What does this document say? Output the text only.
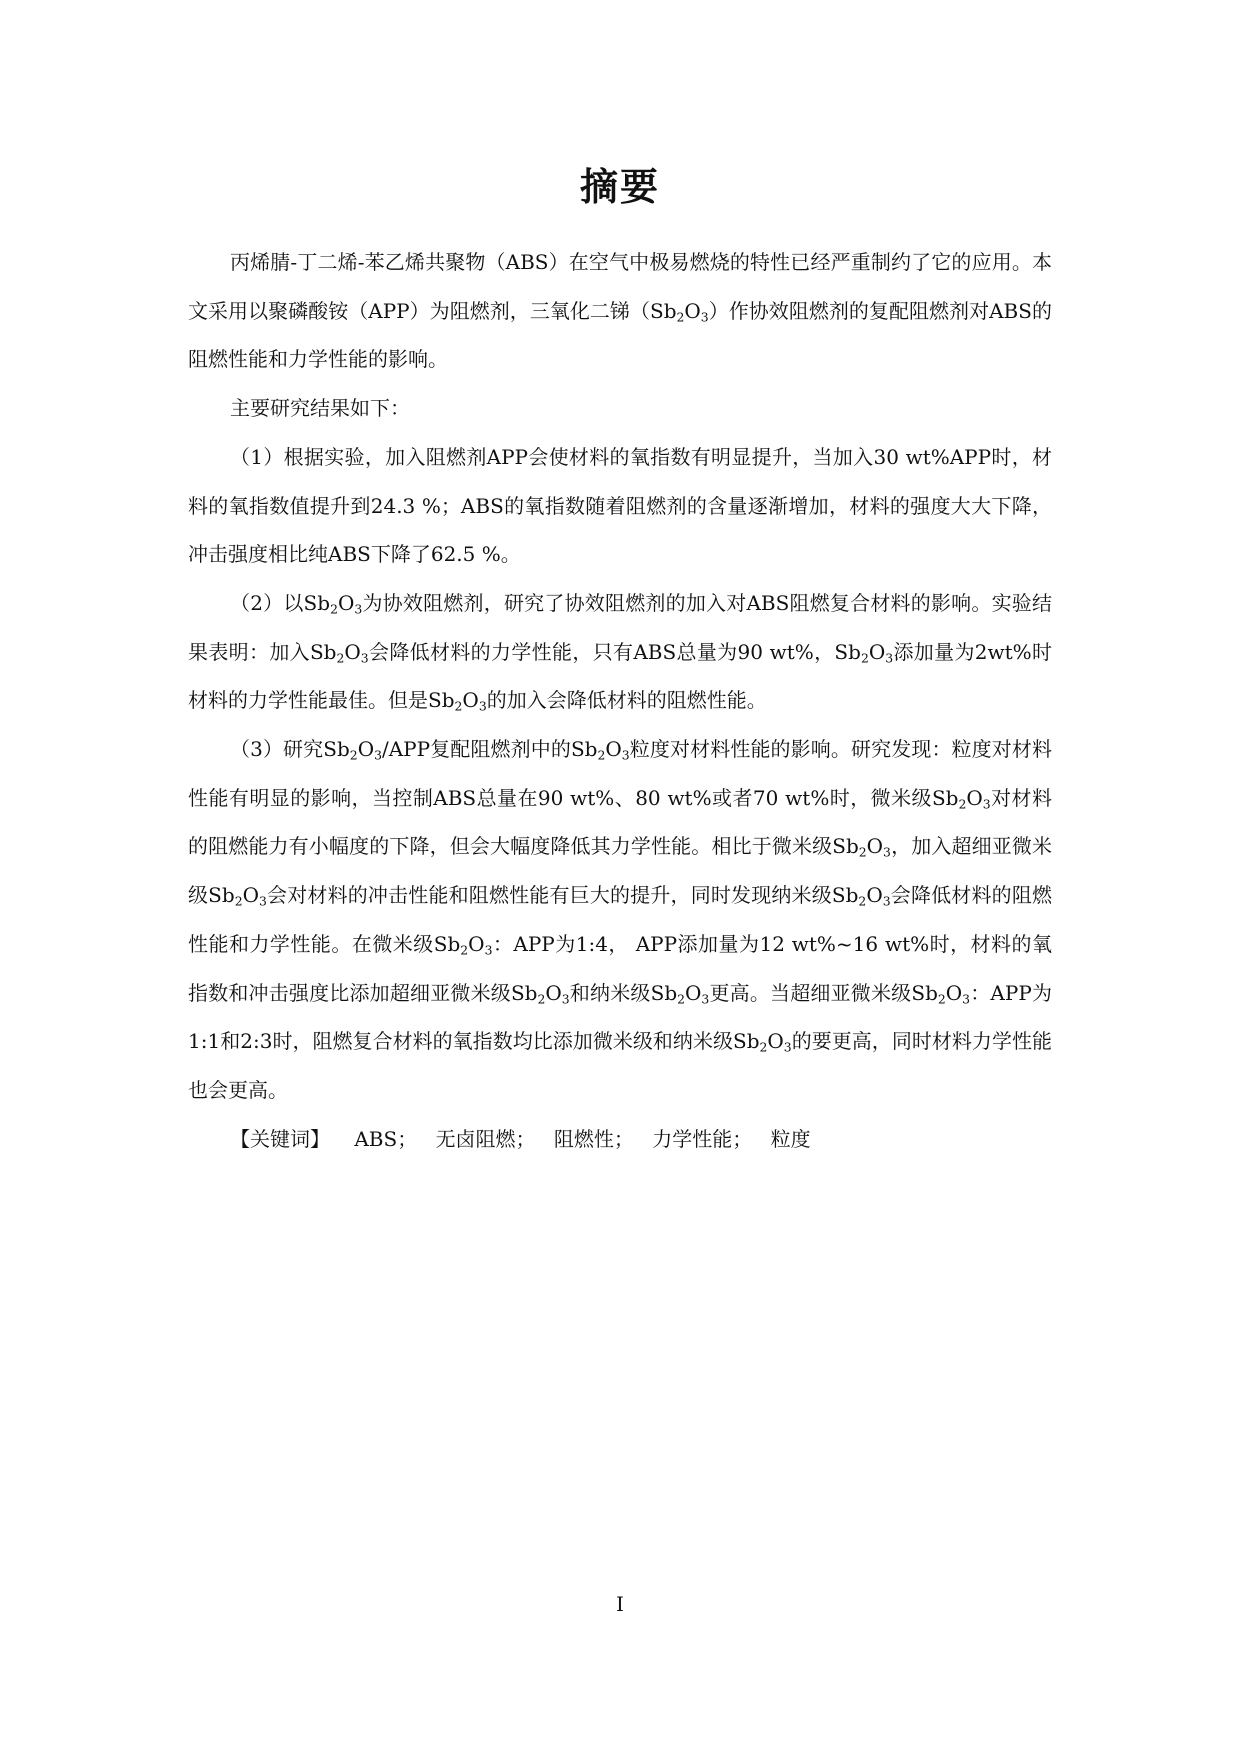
摘要

丙烯腈-丁二烯-苯乙烯共聚物（ABS）在空气中极易燃烧的特性已经严重制约了它的应用。本文采用以聚磷酸铵（APP）为阻燃剂，三氧化二锑$(Sb_2O_3)$作协效阻燃剂的复配阻燃剂对ABS的阻燃性能和力学性能的影响。

主要研究结果如下：

（1）根据实验，加入阻燃剂APP会使材料的氧指数有明显提升，当加入30 wt%APP时，材料的氧指数值提升到24.3 %；ABS的氧指数随着阻燃剂的含量逐渐增加，材料的强度大大下降，冲击强度相比纯ABS下降了62.5 %。

（2）以$Sb_2O_3$为协效阻燃剂，研究了协效阻燃剂的加入对ABS阻燃复合材料的影响。实验结果表明：加入$Sb_2O_3$会降低材料的力学性能，只有ABS总量为90 wt%，$Sb_2O_3$添加量为2wt%时材料的力学性能最佳。但是$Sb_2O_3$的加入会降低材料的阻燃性能。

（3）研究$Sb_2O_3$/APP复配阻燃剂中的$Sb_2O_3$粒度对材料性能的影响。研究发现：粒度对材料性能有明显的影响，当控制ABS总量在90 wt%、80 wt%或者70 wt%时，微米级$Sb_2O_3$对材料的阻燃能力有小幅度的下降，但会大幅度降低其力学性能。相比于微米级$Sb_2O_3$，加入超细亚微米级$Sb_2O_3$会对材料的冲击性能和阻燃性能有巨大的提升，同时发现纳米级$Sb_2O_3$会降低材料的阻燃性能和力学性能。在微米级$Sb_2O_3$：APP为1:4， APP添加量为12 wt%~16 wt%时，材料的氧指数和冲击强度比添加超细亚微米级$Sb_2O_3$和纳米级$Sb_2O_3$更高。当超细亚微米级$Sb_2O_3$：APP为1:1和2:3时，阻燃复合材料的氧指数均比添加微米级和纳米级$Sb_2O_3$的要更高，同时材料力学性能也会更高。

【关键词】 ABS； 无卤阻燃； 阻燃性； 力学性能； 粒度

I
